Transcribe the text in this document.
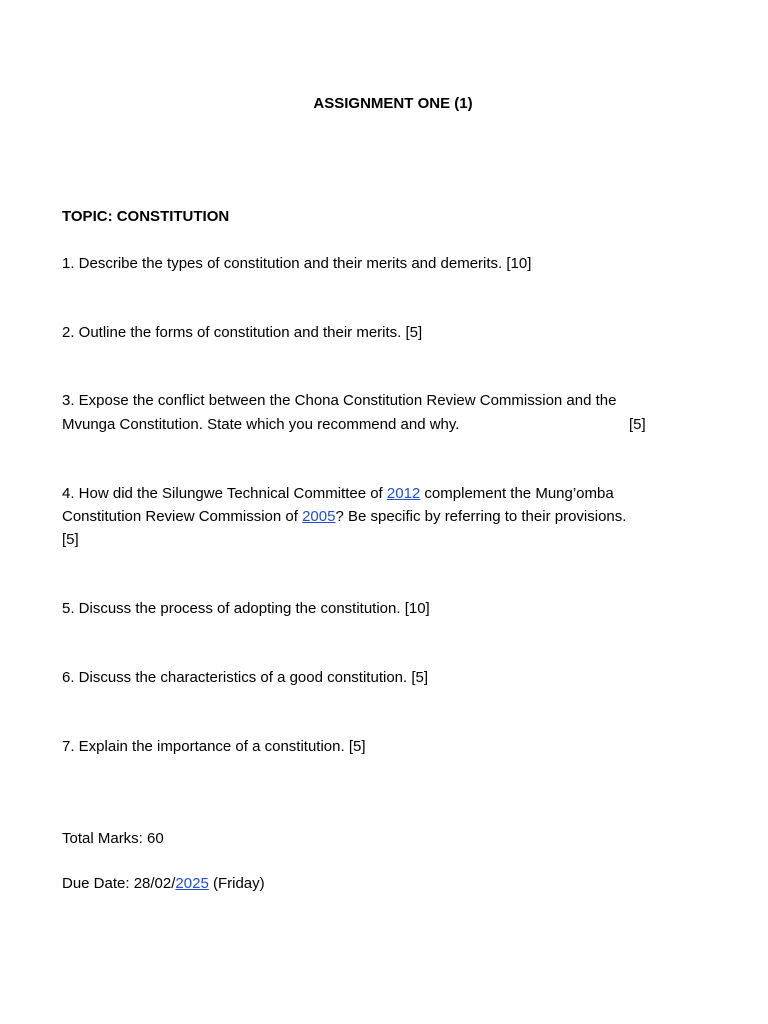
ASSIGNMENT ONE (1)
TOPIC: CONSTITUTION
1. Describe the types of constitution and their merits and demerits. [10]
2. Outline the forms of constitution and their merits. [5]
3. Expose the conflict between the Chona Constitution Review Commission and the
Mvunga Constitution. State which you recommend and why.	[5]
4. How did the Silungwe Technical Committee of 2012 complement the Mung’omba
Constitution Review Commission of 2005? Be specific by referring to their provisions.
[5]
5. Discuss the process of adopting the constitution. [10]
6. Discuss the characteristics of a good constitution. [5]
7. Explain the importance of a constitution. [5]
Total Marks: 60
Due Date: 28/02/2025 (Friday)
